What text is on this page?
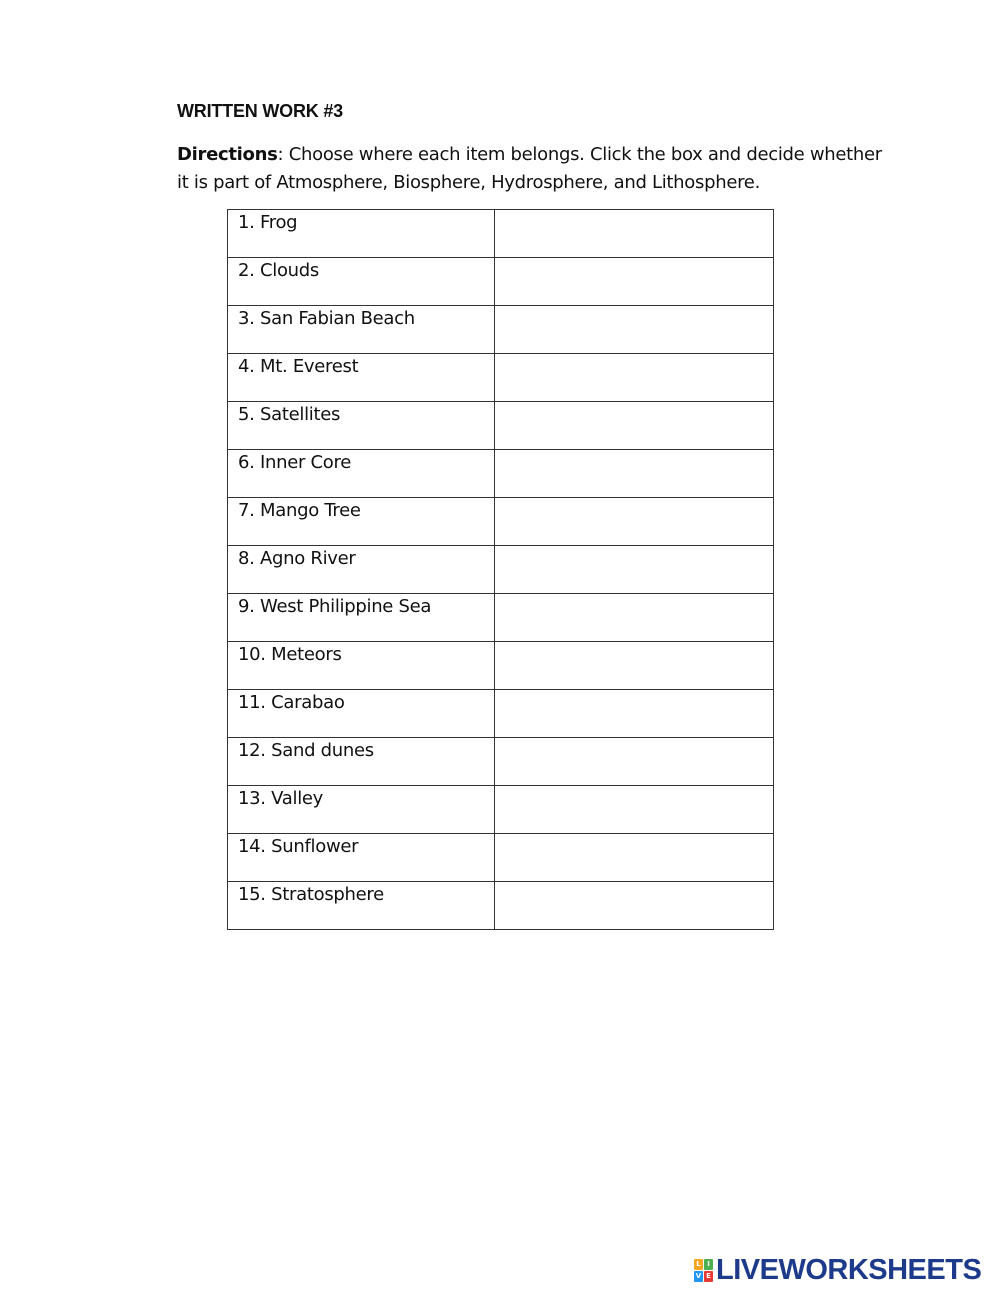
WRITTEN WORK #3
Directions: Choose where each item belongs. Click the box and decide whether it is part of Atmosphere, Biosphere, Hydrosphere, and Lithosphere.
1. Frog	
2. Clouds	
3. San Fabian Beach	
4. Mt. Everest	
5. Satellites	
6. Inner Core	
7. Mango Tree	
8. Agno River	
9. West Philippine Sea	
10. Meteors	
11. Carabao	
12. Sand dunes	
13. Valley	
14. Sunflower	
15. Stratosphere	
L I
V E LIVEWORKSHEETS
